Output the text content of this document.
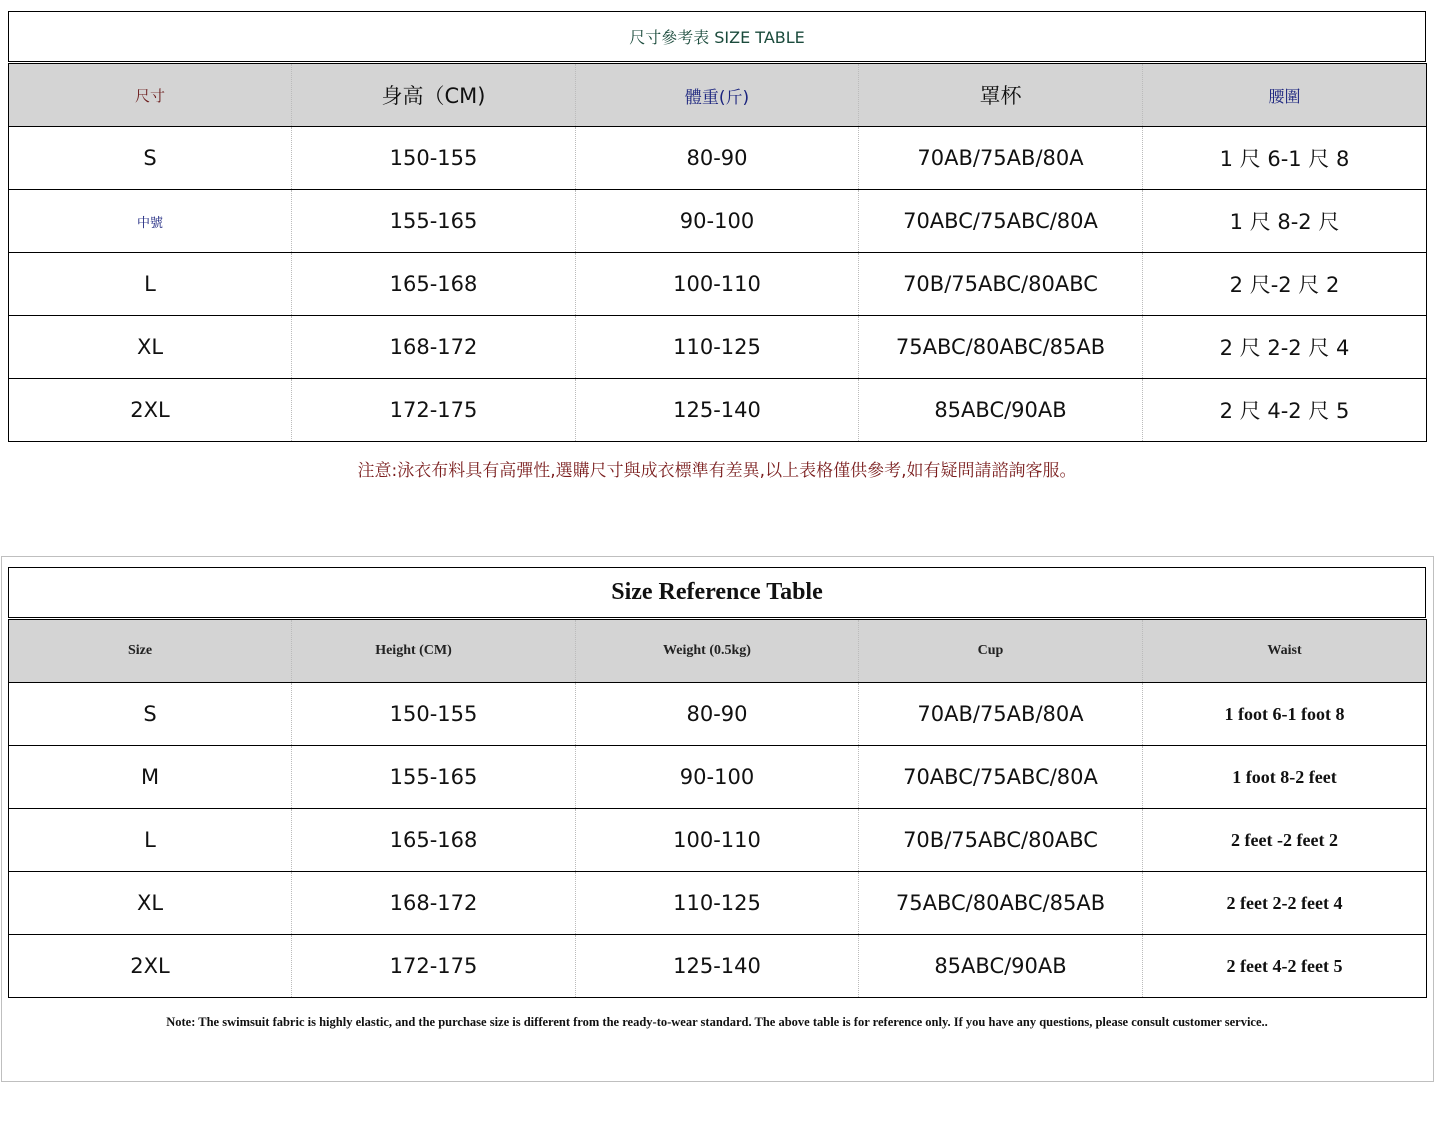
尺寸參考表 SIZE TABLE
尺寸	身高（CM)	體重(斤)	罩杯	腰圍
S	150-155	80-90	70AB/75AB/80A	1 尺 6-1 尺 8
中號	155-165	90-100	70ABC/75ABC/80A	1 尺 8-2 尺
L	165-168	100-110	70B/75ABC/80ABC	2 尺-2 尺 2
XL	168-172	110-125	75ABC/80ABC/85AB	2 尺 2-2 尺 4
2XL	172-175	125-140	85ABC/90AB	2 尺 4-2 尺 5
注意:泳衣布料具有高彈性,選購尺寸與成衣標準有差異,以上表格僅供參考,如有疑問請諮詢客服。
Size Reference Table
Size	Height (CM)	Weight (0.5kg)	Cup	Waist
S	150-155	80-90	70AB/75AB/80A	1 foot 6-1 foot 8
M	155-165	90-100	70ABC/75ABC/80A	1 foot 8-2 feet
L	165-168	100-110	70B/75ABC/80ABC	2 feet -2 feet 2
XL	168-172	110-125	75ABC/80ABC/85AB	2 feet 2-2 feet 4
2XL	172-175	125-140	85ABC/90AB	2 feet 4-2 feet 5
Note: The swimsuit fabric is highly elastic, and the purchase size is different from the ready-to-wear standard. The above table is for reference only. If you have any questions, please consult customer service..
